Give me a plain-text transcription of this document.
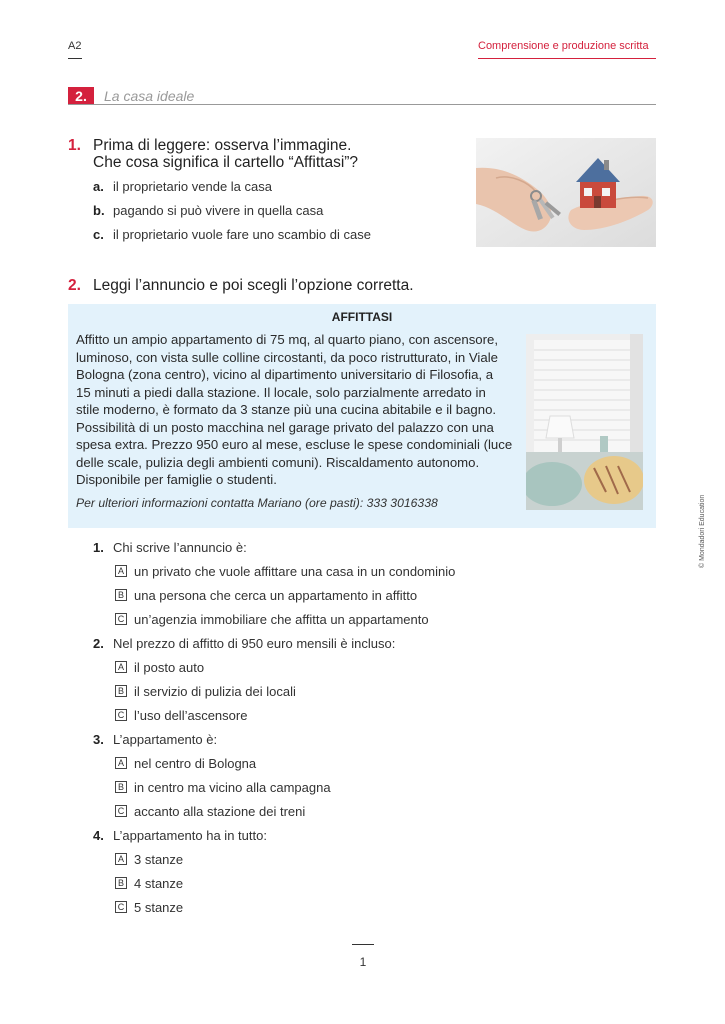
A2	Comprensione e produzione scritta
2.	La casa ideale
1. Prima di leggere: osserva l’immagine.
Che cosa significa il cartello “Affittasi”?
a. il proprietario vende la casa
b. pagando si può vivere in quella casa
c. il proprietario vuole fare uno scambio di case
2. Leggi l’annuncio e poi scegli l’opzione corretta.
AFFITTASI
Affitto un ampio appartamento di 75 mq, al quarto piano, con ascensore,
luminoso, con vista sulle colline circostanti, da poco ristrutturato, in Viale
Bologna (zona centro), vicino al dipartimento universitario di Filosofia, a
15 minuti a piedi dalla stazione. Il locale, solo parzialmente arredato in
stile moderno, è formato da 3 stanze più una cucina abitabile e il bagno.
Possibilità di un posto macchina nel garage privato del palazzo con una
spesa extra. Prezzo 950 euro al mese, escluse le spese condominiali (luce
delle scale, pulizia degli ambienti comuni). Riscaldamento autonomo.
Disponibile per famiglie o studenti.
Per ulteriori informazioni contatta Mariano (ore pasti): 333 3016338
1. Chi scrive l’annuncio è:
A un privato che vuole affittare una casa in un condominio
B una persona che cerca un appartamento in affitto
C un’agenzia immobiliare che affitta un appartamento
2. Nel prezzo di affitto di 950 euro mensili è incluso:
A il posto auto
B il servizio di pulizia dei locali
C l’uso dell’ascensore
3. L’appartamento è:
A nel centro di Bologna
B in centro ma vicino alla campagna
C accanto alla stazione dei treni
4. L’appartamento ha in tutto:
A 3 stanze
B 4 stanze
C 5 stanze
© Mondadori Education
1
